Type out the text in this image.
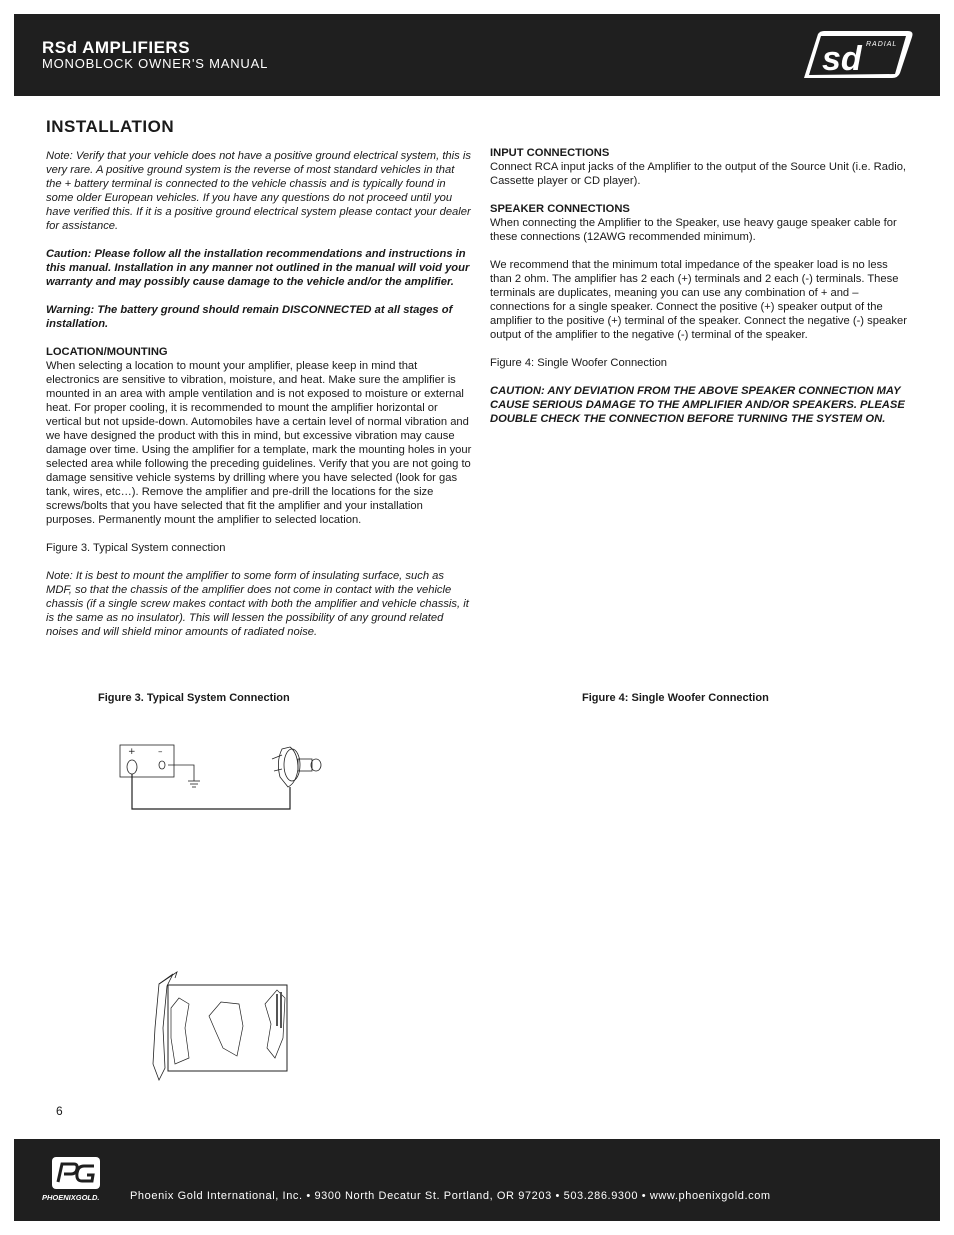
RSd AMPLIFIERS
MONOBLOCK OWNER'S MANUAL
RADIAL
sd
INSTALLATION

Note: Verify that your vehicle does not have a positive ground electrical system, this is very rare. A positive ground system is the reverse of most standard vehicles in that the + battery terminal is connected to the vehicle chassis and is typically found in some older European vehicles. If you have any questions do not proceed until you have verified this. If it is a positive ground electrical system please contact your dealer for assistance.

Caution: Please follow all the installation recommendations and instructions in this manual. Installation in any manner not outlined in the manual will void your warranty and may possibly cause damage to the vehicle and/or the amplifier.

Warning: The battery ground should remain DISCONNECTED at all stages of installation.

LOCATION/MOUNTING
When selecting a location to mount your amplifier, please keep in mind that electronics are sensitive to vibration, moisture, and heat. Make sure the amplifier is mounted in an area with ample ventilation and is not exposed to moisture or external heat. For proper cooling, it is recommended to mount the amplifier horizontal or vertical but not upside-down. Automobiles have a certain level of normal vibration and we have designed the product with this in mind, but excessive vibration may cause damage over time. Using the amplifier for a template, mark the mounting holes in your selected area while following the preceding guidelines. Verify that you are not going to damage sensitive vehicle systems by drilling where you have selected (look for gas tank, wires, etc…). Remove the amplifier and pre-drill the locations for the size screws/bolts that you have selected that fit the amplifier and your installation purposes. Permanently mount the amplifier to selected location.

Figure 3. Typical System connection

Note: It is best to mount the amplifier to some form of insulating surface, such as MDF, so that the chassis of the amplifier does not come in contact with the vehicle chassis (if a single screw makes contact with both the amplifier and vehicle chassis, it is the same as no insulator). This will lessen the possibility of any ground related noises and will shield minor amounts of radiated noise.

INPUT CONNECTIONS
Connect RCA input jacks of the Amplifier to the output of the Source Unit (i.e. Radio, Cassette player or CD player).

SPEAKER CONNECTIONS
When connecting the Amplifier to the Speaker, use heavy gauge speaker cable for these connections (12AWG recommended minimum).

We recommend that the minimum total impedance of the speaker load is no less than 2 ohm. The amplifier has 2 each (+) terminals and 2 each (-) terminals. These terminals are duplicates, meaning you can use any combination of + and – connections for a single speaker. Connect the positive (+) speaker output of the amplifier to the positive (+) terminal of the speaker. Connect the negative (-) speaker output of the amplifier to the negative (-) terminal of the speaker.

Figure 4: Single Woofer Connection

CAUTION: ANY DEVIATION FROM THE ABOVE SPEAKER CONNECTION MAY CAUSE SERIOUS DAMAGE TO THE AMPLIFIER AND/OR SPEAKERS. PLEASE DOUBLE CHECK THE CONNECTION BEFORE TURNING THE SYSTEM ON.

Figure 3. Typical System Connection	Figure 4: Single Woofer Connection
+ –
6
PHOENIXGOLD.	Phoenix Gold International, Inc. • 9300 North Decatur St. Portland, OR 97203 • 503.286.9300 • www.phoenixgold.com
